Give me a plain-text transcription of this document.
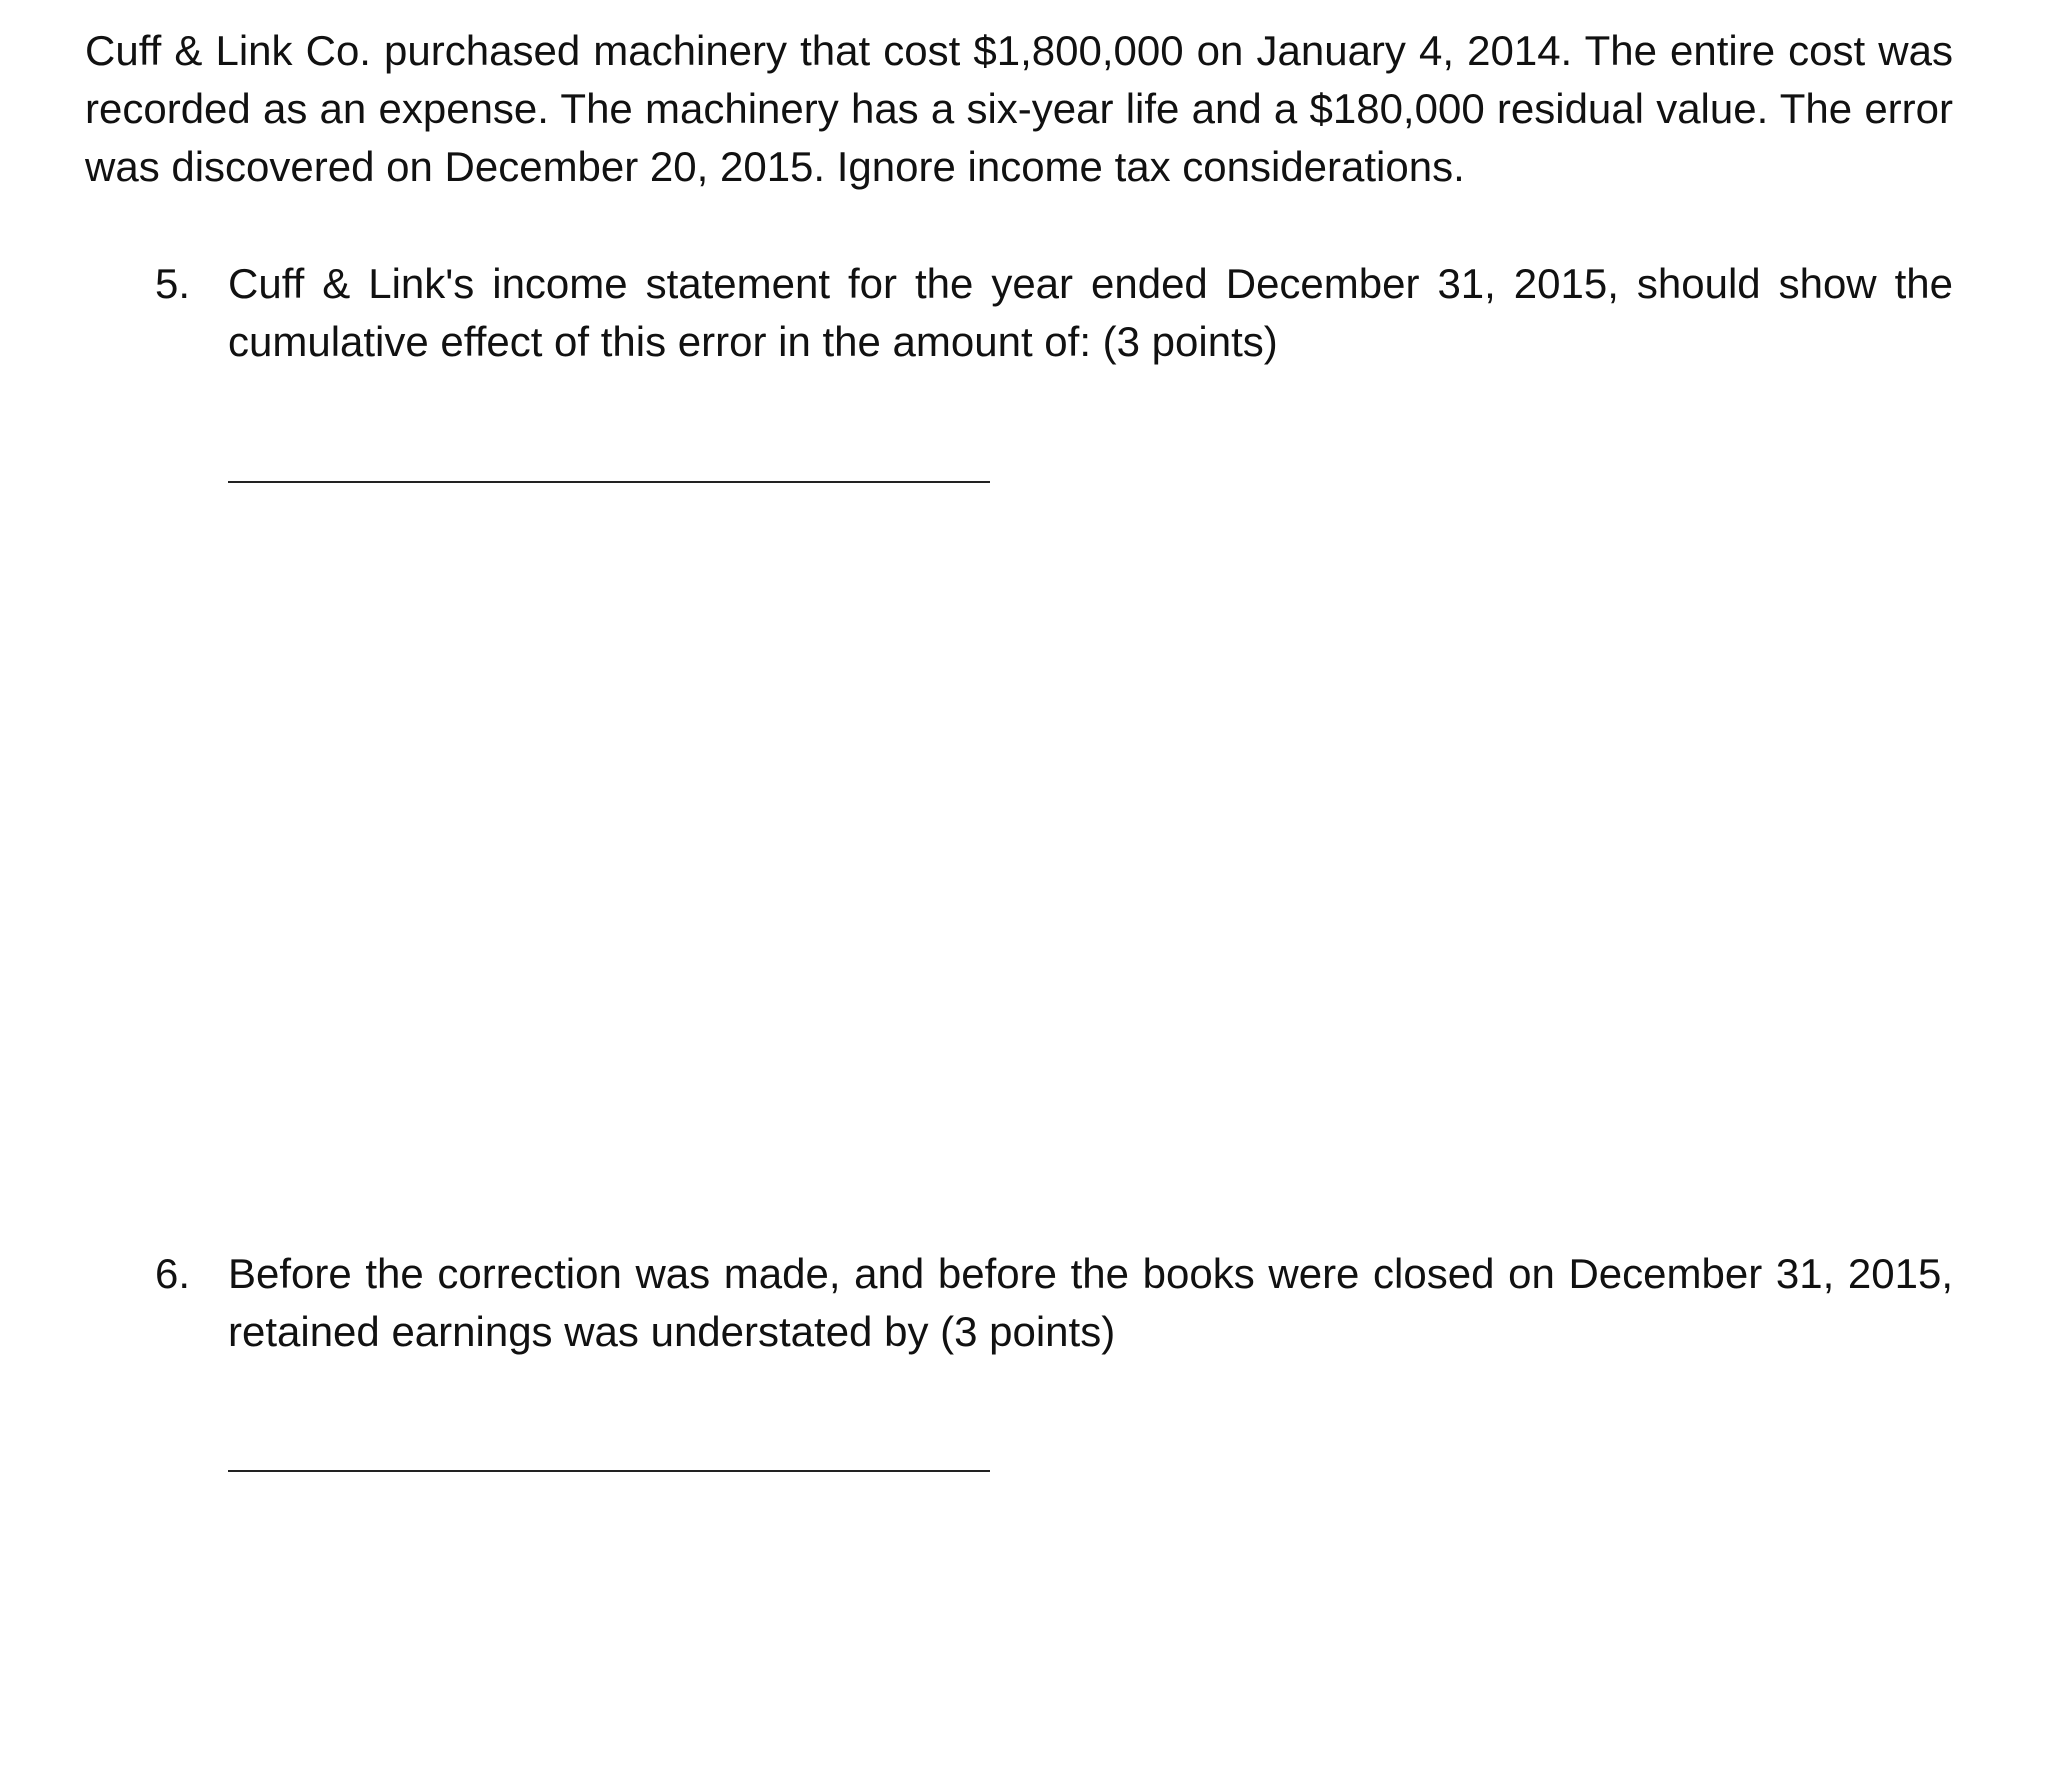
Cuff & Link Co. purchased machinery that cost $1,800,000 on January 4, 2014. The entire cost was recorded as an expense. The machinery has a six-year life and a $180,000 residual value. The error was discovered on December 20, 2015. Ignore income tax considerations.

5. Cuff & Link's income statement for the year ended December 31, 2015, should show the cumulative effect of this error in the amount of: (3 points)
6. Before the correction was made, and before the books were closed on December 31, 2015, retained earnings was understated by (3 points)
